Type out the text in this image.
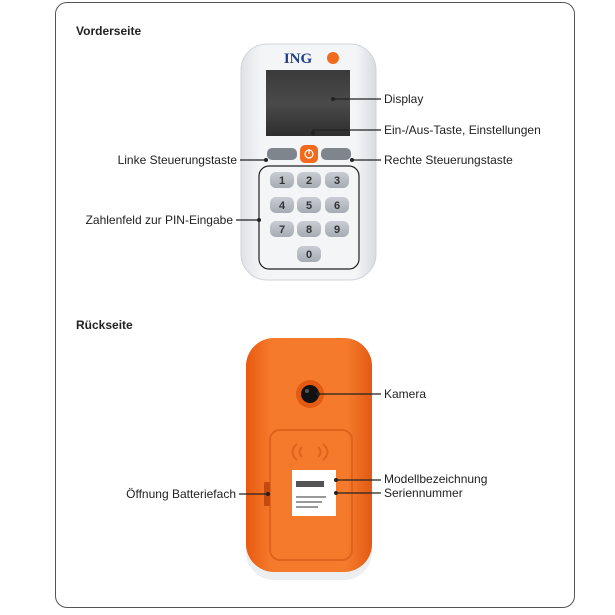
Vorderseite
Rückseite
ING
1 2 3
4 5 6
7 8 9
0
Display
Ein-/Aus-Taste, Einstellungen
Linke Steuerungstaste	Rechte Steuerungstaste
Zahlenfeld zur PIN-Eingabe
Kamera
Modellbezeichnung
Seriennummer
Öffnung Batteriefach
